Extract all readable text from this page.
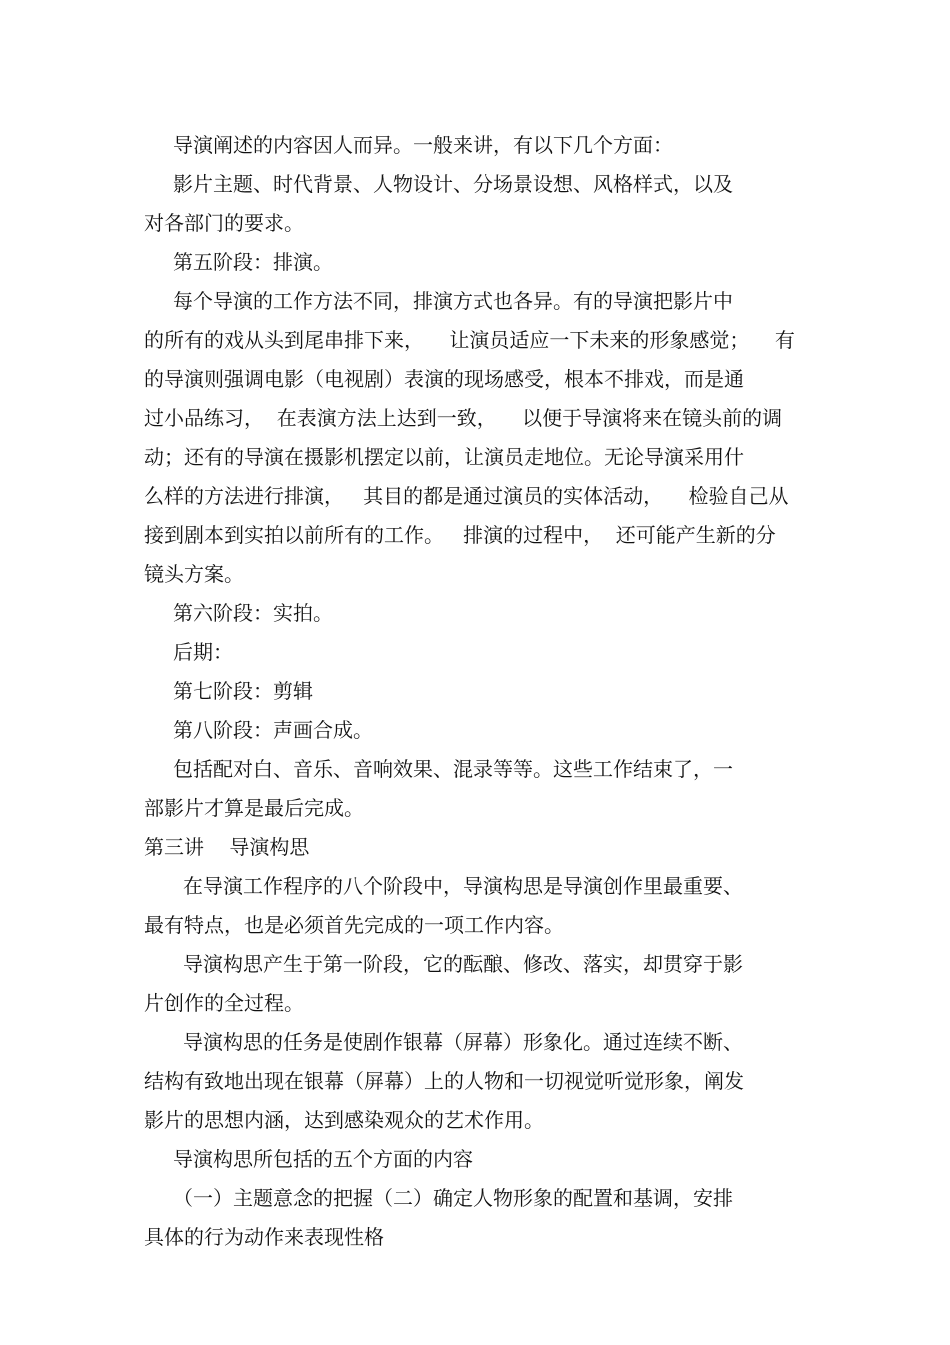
导演阐述的内容因人而异。一般来讲，有以下几个方面：
影片主题、时代背景、人物设计、分场景设想、风格样式，以及
对各部门的要求。
第五阶段：排演。
每个导演的工作方法不同，排演方式也各异。有的导演把影片中
的所有的戏从头到尾串排下来，    让演员适应一下未来的形象感觉；    有
的导演则强调电影（电视剧）表演的现场感受，根本不排戏，而是通
过小品练习，  在表演方法上达到一致，    以便于导演将来在镜头前的调
动；还有的导演在摄影机摆定以前，让演员走地位。无论导演采用什
么样的方法进行排演，   其目的都是通过演员的实体活动，    检验自己从
接到剧本到实拍以前所有的工作。   排演的过程中，  还可能产生新的分
镜头方案。
第六阶段：实拍。
后期：
第七阶段：剪辑
第八阶段：声画合成。
包括配对白、音乐、音响效果、混录等等。这些工作结束了，一
部影片才算是最后完成。
第三讲    导演构思
在导演工作程序的八个阶段中，导演构思是导演创作里最重要、
最有特点，也是必须首先完成的一项工作内容。
导演构思产生于第一阶段，它的酝酿、修改、落实，却贯穿于影
片创作的全过程。
导演构思的任务是使剧作银幕（屏幕）形象化。通过连续不断、
结构有致地出现在银幕（屏幕）上的人物和一切视觉听觉形象，阐发
影片的思想内涵，达到感染观众的艺术作用。
导演构思所包括的五个方面的内容
（一）主题意念的把握（二）确定人物形象的配置和基调，安排
具体的行为动作来表现性格
